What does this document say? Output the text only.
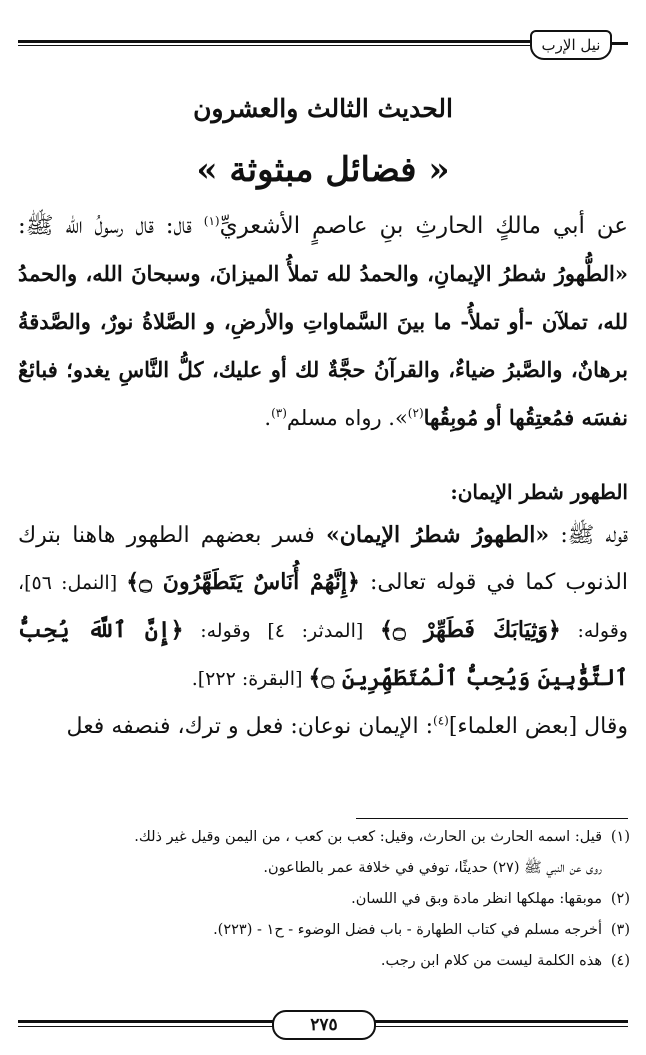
نيل الإرب
الحديث الثالث والعشرون
« فضائل مبثوثة »
عن أبي مالكٍ الحارثِ بنِ عاصمٍ الأشعريِّ$^{(١)}$ قال: قال رسولُ الله ﷺ: «الطُّهورُ شطرُ الإيمانِ، والحمدُ لله تملأُ الميزانَ، وسبحانَ الله، والحمدُ لله، تملآن -أو تملأُ- ما بينَ السَّماواتِ والأرضِ، و الصَّلاةُ نورٌ، والصَّدقةُ برهانٌ، والصَّبرُ ضياءٌ، والقرآنُ حجَّةٌ لك أو عليك، كلُّ النَّاسِ يغدو؛ فبائعٌ نفسَه فمُعتِقُها أو مُوبِقُها$^{(٢)}$». رواه مسلم$^{(٣)}$.
الطهور شطر الإيمان:
قوله ﷺ: «الطهورُ شطرُ الإيمان» فسر بعضهم الطهور هاهنا بترك الذنوب كما في قوله تعالى: ﴿إِنَّهُمْ أُنَاسٌ يَتَطَهَّرُونَ ۝﴾ [النمل: ٥٦]، وقوله: ﴿وَثِيَابَكَ فَطَهِّرْ ۝﴾ [المدثر: ٤] وقوله: ﴿إِنَّ ٱللَّهَ يُحِبُّ ٱلتَّوَّٰبِينَ وَيُحِبُّ ٱلْمُتَطَهِّرِينَ ۝﴾ [البقرة: ٢٢٢].
وقال [بعض العلماء]$^{(٤)}$: الإيمان نوعان: فعل و ترك، فنصفه فعل
(١)قيل: اسمه الحارث بن الحارث، وقيل: كعب بن كعب ، من اليمن وقيل غير ذلك.
روى عن النبي ﷺ (٢٧) حديثًا، توفي في خلافة عمر بالطاعون.
(٢)موبقها: مهلكها انظر مادة وبق في اللسان.
(٣)أخرجه مسلم في كتاب الطهارة - باب فضل الوضوء - ح١ - (٢٢٣).
(٤)هذه الكلمة ليست من كلام ابن رجب.
٢٧٥
